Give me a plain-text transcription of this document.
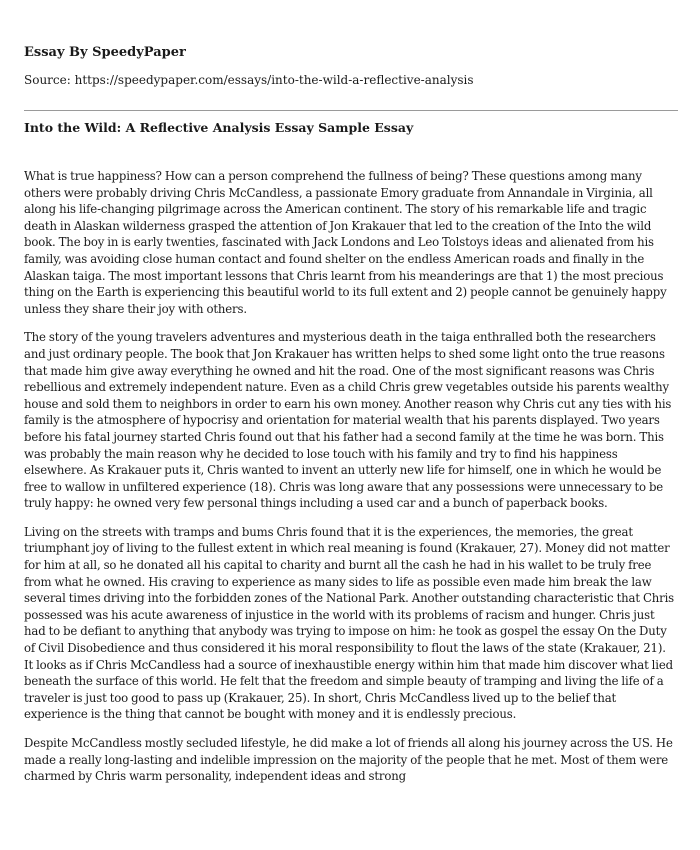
Essay By SpeedyPaper
Source: https://speedypaper.com/essays/into-the-wild-a-reflective-analysis
Into the Wild: A Reflective Analysis Essay Sample Essay

What is true happiness? How can a person comprehend the fullness of being? These questions among many others were probably driving Chris McCandless, a passionate Emory graduate from Annandale in Virginia, all along his life-changing pilgrimage across the American continent. The story of his remarkable life and tragic death in Alaskan wilderness grasped the attention of Jon Krakauer that led to the creation of the Into the wild book. The boy in is early twenties, fascinated with Jack Londons and Leo Tolstoys ideas and alienated from his family, was avoiding close human contact and found shelter on the endless American roads and finally in the Alaskan taiga. The most important lessons that Chris learnt from his meanderings are that 1) the most precious thing on the Earth is experiencing this beautiful world to its full extent and 2) people cannot be genuinely happy unless they share their joy with others.

The story of the young travelers adventures and mysterious death in the taiga enthralled both the researchers and just ordinary people. The book that Jon Krakauer has written helps to shed some light onto the true reasons that made him give away everything he owned and hit the road. One of the most significant reasons was Chris rebellious and extremely independent nature. Even as a child Chris grew vegetables outside his parents wealthy house and sold them to neighbors in order to earn his own money. Another reason why Chris cut any ties with his family is the atmosphere of hypocrisy and orientation for material wealth that his parents displayed. Two years before his fatal journey started Chris found out that his father had a second family at the time he was born. This was probably the main reason why he decided to lose touch with his family and try to find his happiness elsewhere. As Krakauer puts it, Chris wanted to invent an utterly new life for himself, one in which he would be free to wallow in unfiltered experience (18). Chris was long aware that any possessions were unnecessary to be truly happy: he owned very few personal things including a used car and a bunch of paperback books.

Living on the streets with tramps and bums Chris found that it is the experiences, the memories, the great triumphant joy of living to the fullest extent in which real meaning is found (Krakauer, 27). Money did not matter for him at all, so he donated all his capital to charity and burnt all the cash he had in his wallet to be truly free from what he owned. His craving to experience as many sides to life as possible even made him break the law several times driving into the forbidden zones of the National Park. Another outstanding characteristic that Chris possessed was his acute awareness of injustice in the world with its problems of racism and hunger. Chris just had to be defiant to anything that anybody was trying to impose on him: he took as gospel the essay On the Duty of Civil Disobedience and thus considered it his moral responsibility to flout the laws of the state (Krakauer, 21). It looks as if Chris McCandless had a source of inexhaustible energy within him that made him discover what lied beneath the surface of this world. He felt that the freedom and simple beauty of tramping and living the life of a traveler is just too good to pass up (Krakauer, 25). In short, Chris McCandless lived up to the belief that experience is the thing that cannot be bought with money and it is endlessly precious.

Despite McCandless mostly secluded lifestyle, he did make a lot of friends all along his journey across the US. He made a really long-lasting and indelible impression on the majority of the people that he met. Most of them were charmed by Chris warm personality, independent ideas and strong
